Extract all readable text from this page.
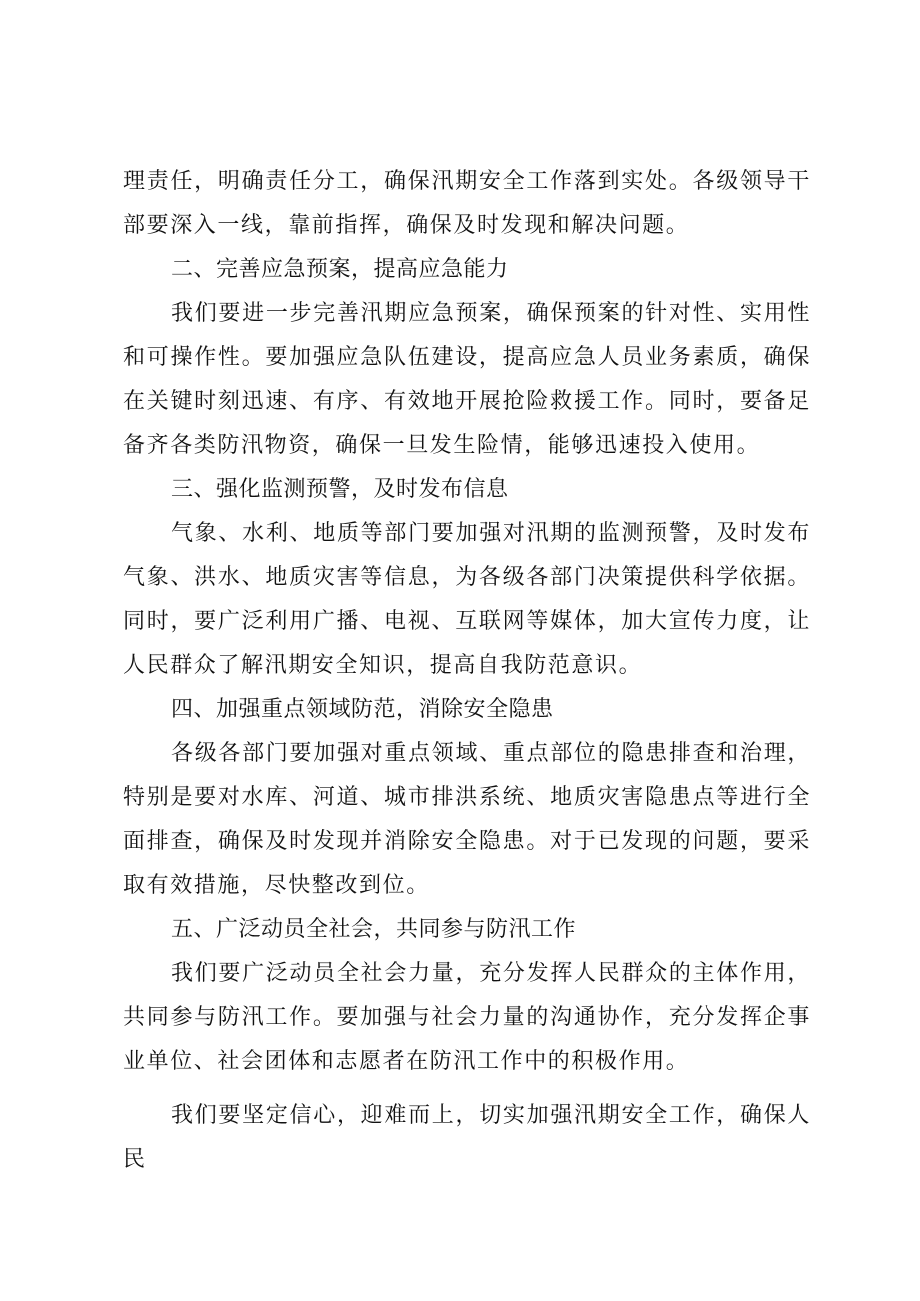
理责任，明确责任分工，确保汛期安全工作落到实处。各级领导干部要深入一线，靠前指挥，确保及时发现和解决问题。

二、完善应急预案，提高应急能力

我们要进一步完善汛期应急预案，确保预案的针对性、实用性和可操作性。要加强应急队伍建设，提高应急人员业务素质，确保在关键时刻迅速、有序、有效地开展抢险救援工作。同时，要备足备齐各类防汛物资，确保一旦发生险情，能够迅速投入使用。

三、强化监测预警，及时发布信息

气象、水利、地质等部门要加强对汛期的监测预警，及时发布气象、洪水、地质灾害等信息，为各级各部门决策提供科学依据。同时，要广泛利用广播、电视、互联网等媒体，加大宣传力度，让人民群众了解汛期安全知识，提高自我防范意识。

四、加强重点领域防范，消除安全隐患

各级各部门要加强对重点领域、重点部位的隐患排查和治理，特别是要对水库、河道、城市排洪系统、地质灾害隐患点等进行全面排查，确保及时发现并消除安全隐患。对于已发现的问题，要采取有效措施，尽快整改到位。

五、广泛动员全社会，共同参与防汛工作

我们要广泛动员全社会力量，充分发挥人民群众的主体作用，共同参与防汛工作。要加强与社会力量的沟通协作，充分发挥企事业单位、社会团体和志愿者在防汛工作中的积极作用。

我们要坚定信心，迎难而上，切实加强汛期安全工作，确保人民
